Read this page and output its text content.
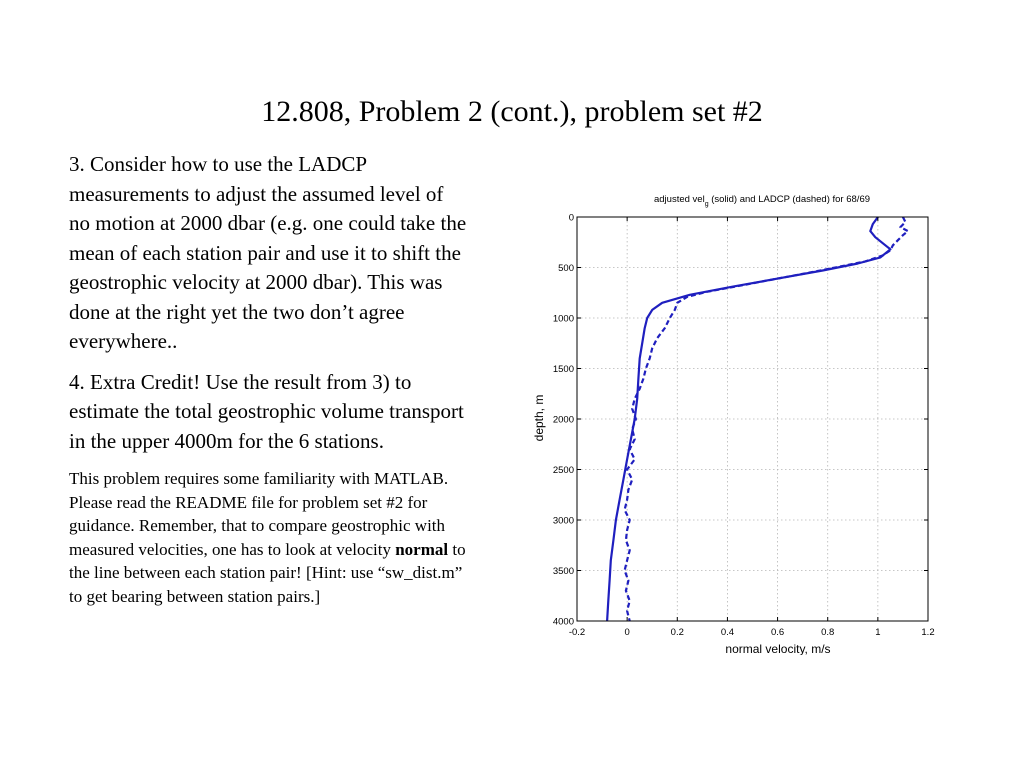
12.808, Problem 2 (cont.), problem set #2

3. Consider how to use the LADCP measurements to adjust the assumed level of no motion at 2000 dbar (e.g. one could take the mean of each station pair and use it to shift the geostrophic velocity at 2000 dbar). This was done at the right yet the two don’t agree everywhere..

4. Extra Credit! Use the result from 3) to estimate the total geostrophic volume transport in the upper 4000m for the 6 stations.

This problem requires some familiarity with MATLAB. Please read the README file for problem set #2 for guidance. Remember, that to compare geostrophic with measured velocities, one has to look at velocity normal to the line between each station pair! [Hint: use “sw_dist.m” to get bearing between station pairs.]

-0.2	0	0.2	0.4	0.6	0.8	1	1.2
0
500
1000
1500
2000
2500
3000
3500
4000
adjusted vel$_g$ (solid) and LADCP (dashed) for 68/69
normal velocity, m/s
depth, m
